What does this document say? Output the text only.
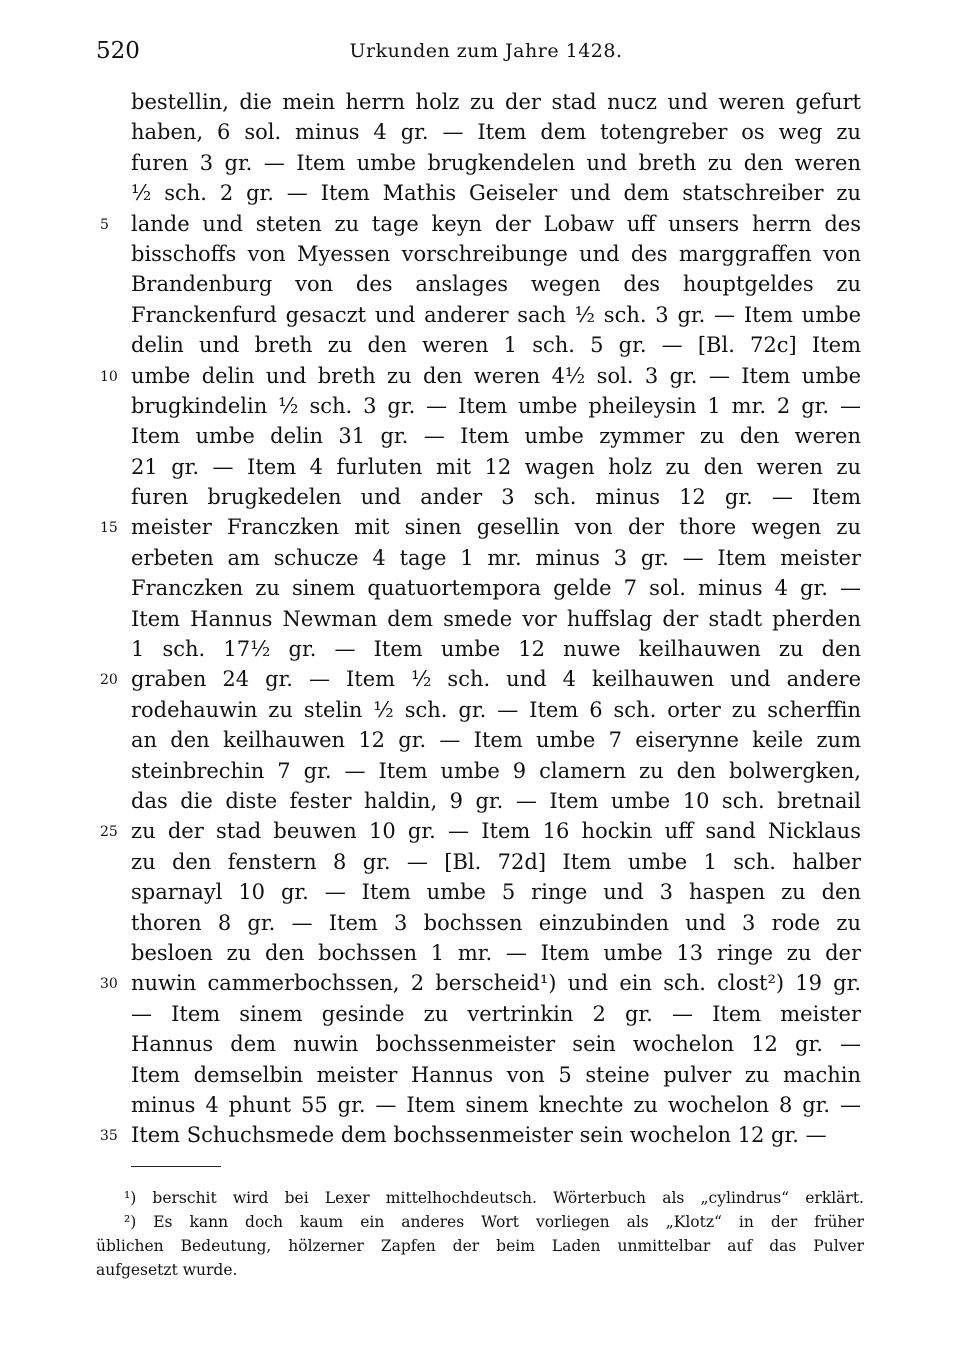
520	Urkunden zum Jahre 1428.
bestellin, die mein herrn holz zu der stad nucz und weren gefurt
haben, 6 sol. minus 4 gr. — Item dem totengreber os weg zu
furen 3 gr. — Item umbe brugkendelen und breth zu den weren
½ sch. 2 gr. — Item Mathis Geiseler und dem statschreiber zu
5	lande und steten zu tage keyn der Lobaw uff unsers herrn des
bisschoffs von Myessen vorschreibunge und des marggraffen von
Brandenburg von des anslages wegen des houptgeldes zu
Franckenfurd gesaczt und anderer sach ½ sch. 3 gr. — Item umbe
delin und breth zu den weren 1 sch. 5 gr. — [Bl. 72c] Item
10 umbe delin und breth zu den weren 4½ sol. 3 gr. — Item umbe
brugkindelin ½ sch. 3 gr. — Item umbe pheileysin 1 mr. 2 gr. —
Item umbe delin 31 gr. — Item umbe zymmer zu den weren
21 gr. — Item 4 furluten mit 12 wagen holz zu den weren zu
furen brugkedelen und ander 3 sch. minus 12 gr. — Item
15 meister Franczken mit sinen gesellin von der thore wegen zu
erbeten am schucze 4 tage 1 mr. minus 3 gr. — Item meister
Franczken zu sinem quatuortempora gelde 7 sol. minus 4 gr. —
Item Hannus Newman dem smede vor huffslag der stadt pherden
1 sch. 17½ gr. — Item umbe 12 nuwe keilhauwen zu den
20 graben 24 gr. — Item ½ sch. und 4 keilhauwen und andere
rodehauwin zu stelin ½ sch. gr. — Item 6 sch. orter zu scherffin
an den keilhauwen 12 gr. — Item umbe 7 eiserynne keile zum
steinbrechin 7 gr. — Item umbe 9 clamern zu den bolwergken,
das die diste fester haldin, 9 gr. — Item umbe 10 sch. bretnail
25 zu der stad beuwen 10 gr. — Item 16 hockin uff sand Nicklaus
zu den fenstern 8 gr. — [Bl. 72d] Item umbe 1 sch. halber
sparnayl 10 gr. — Item umbe 5 ringe und 3 haspen zu den
thoren 8 gr. — Item 3 bochssen einzubinden und 3 rode zu
besloen zu den bochssen 1 mr. — Item umbe 13 ringe zu der
30 nuwin cammerbochssen, 2 berscheid¹) und ein sch. clost²) 19 gr.
— Item sinem gesinde zu vertrinkin 2 gr. — Item meister
Hannus dem nuwin bochssenmeister sein wochelon 12 gr. —
Item demselbin meister Hannus von 5 steine pulver zu machin
minus 4 phunt 55 gr. — Item sinem knechte zu wochelon 8 gr. —
35 Item Schuchsmede dem bochssenmeister sein wochelon 12 gr. —
¹) berschit wird bei Lexer mittelhochdeutsch. Wörterbuch als „cylindrus“ erklärt.
²) Es kann doch kaum ein anderes Wort vorliegen als „Klotz“ in der früher
üblichen Bedeutung, hölzerner Zapfen der beim Laden unmittelbar auf das Pulver
aufgesetzt wurde.
